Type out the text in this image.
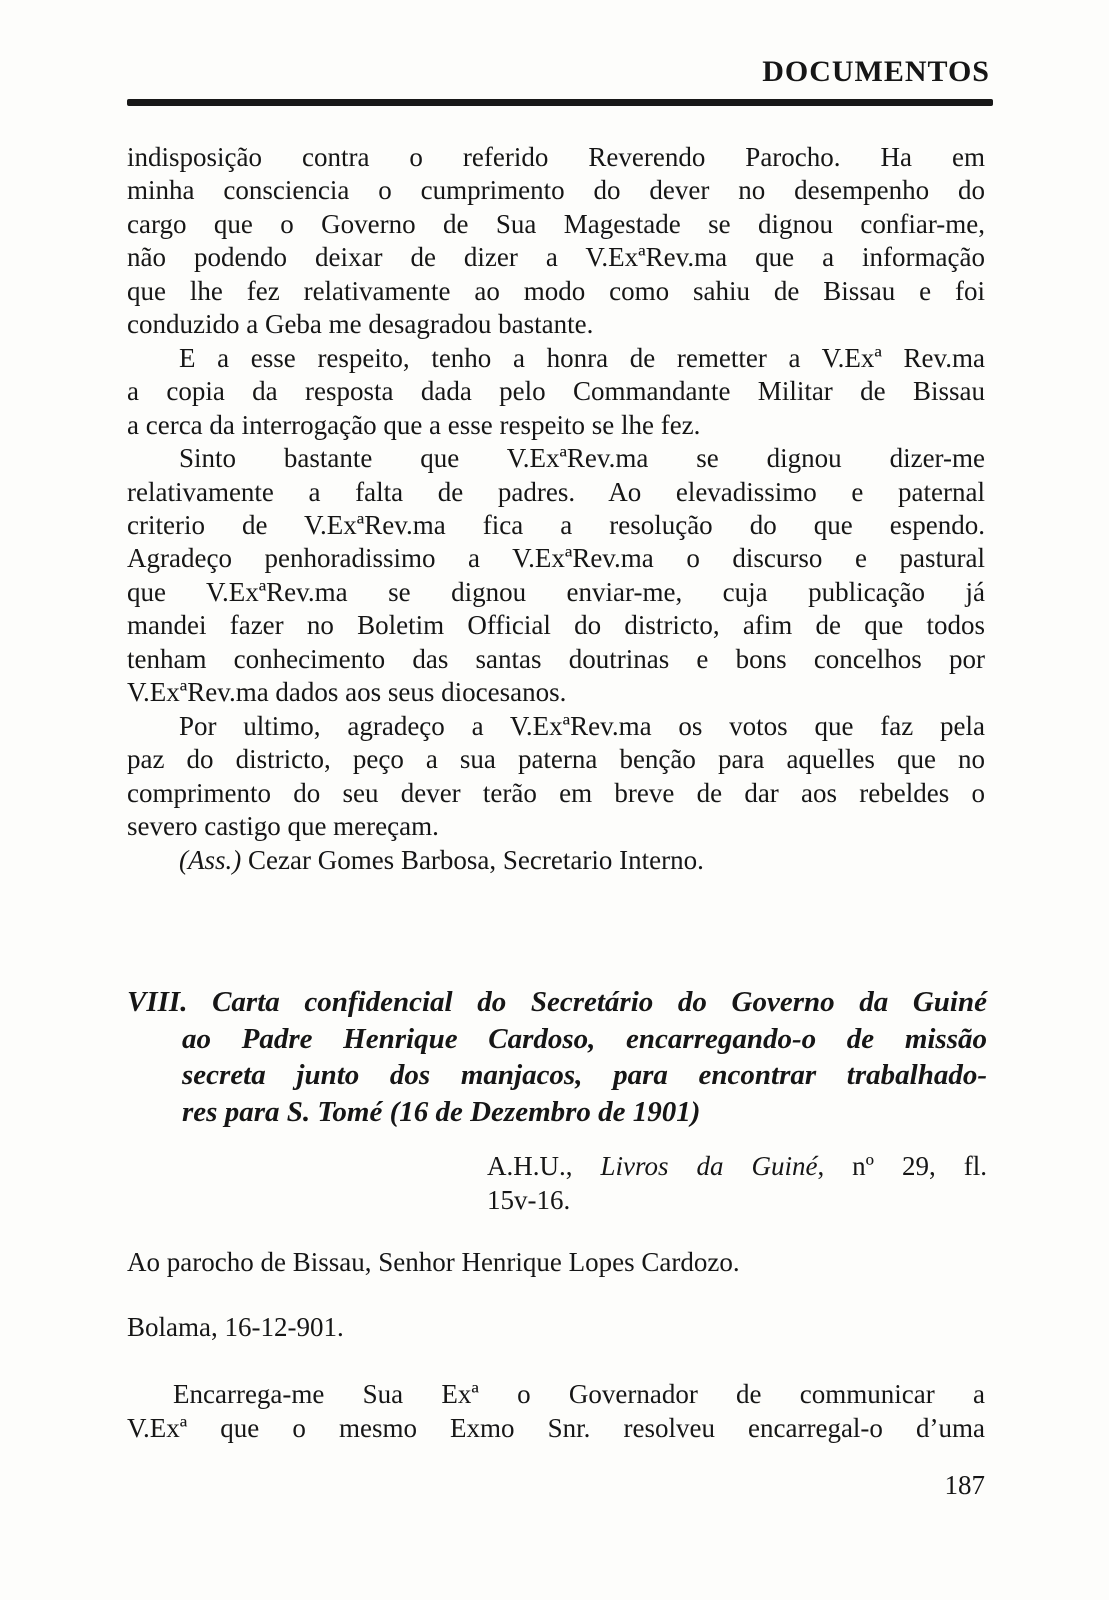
DOCUMENTOS
indisposição contra o referido Reverendo Parocho. Ha em
minha consciencia o cumprimento do dever no desempenho do
cargo que o Governo de Sua Magestade se dignou confiar-me,
não podendo deixar de dizer a V.ExªRev.ma que a informação
que lhe fez relativamente ao modo como sahiu de Bissau e foi
conduzido a Geba me desagradou bastante.
E a esse respeito, tenho a honra de remetter a V.Exª Rev.ma
a copia da resposta dada pelo Commandante Militar de Bissau
a cerca da interrogação que a esse respeito se lhe fez.
Sinto bastante que V.ExªRev.ma se dignou dizer-me
relativamente a falta de padres. Ao elevadissimo e paternal
criterio de V.ExªRev.ma fica a resolução do que espendo.
Agradeço penhoradissimo a V.ExªRev.ma o discurso e pastural
que V.ExªRev.ma se dignou enviar-me, cuja publicação já
mandei fazer no Boletim Official do districto, afim de que todos
tenham conhecimento das santas doutrinas e bons concelhos por
V.ExªRev.ma dados aos seus diocesanos.
Por ultimo, agradeço a V.ExªRev.ma os votos que faz pela
paz do districto, peço a sua paterna benção para aquelles que no
comprimento do seu dever terão em breve de dar aos rebeldes o
severo castigo que mereçam.
(Ass.) Cezar Gomes Barbosa, Secretario Interno.
VIII. Carta confidencial do Secretário do Governo da Guiné
ao Padre Henrique Cardoso, encarregando-o de missão
secreta junto dos manjacos, para encontrar trabalhado-
res para S. Tomé (16 de Dezembro de 1901)
A.H.U., Livros da Guiné, nº 29, fl.
15v-16.
Ao parocho de Bissau, Senhor Henrique Lopes Cardozo.
Bolama, 16-12-901.
Encarrega-me Sua Exª o Governador de communicar a
V.Exª que o mesmo Exmo Snr. resolveu encarregal-o d’uma
187
